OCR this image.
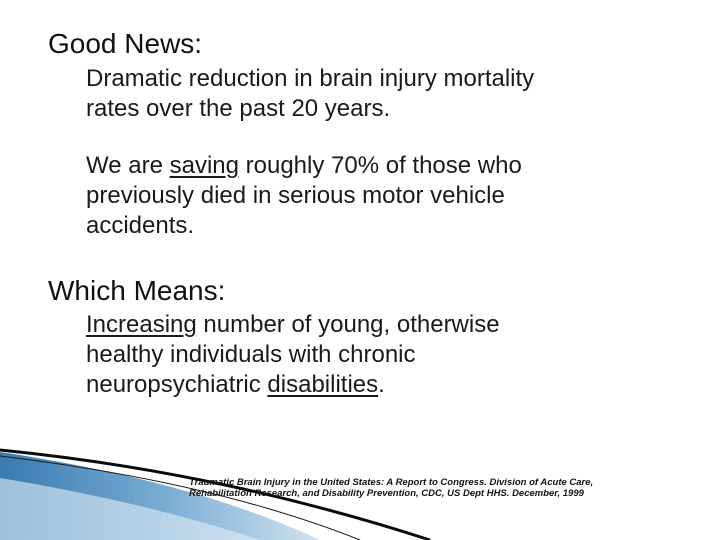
Good News:
Dramatic reduction in brain injury mortality
rates over the past 20 years.
We are saving roughly 70% of those who
previously died in serious motor vehicle
accidents.
Which Means:
Increasing number of young, otherwise
healthy individuals with chronic
neuropsychiatric disabilities.
Traumatic Brain Injury in the United States: A Report to Congress. Division of Acute Care,
Rehabilitation Research, and Disability Prevention, CDC, US Dept HHS. December, 1999
